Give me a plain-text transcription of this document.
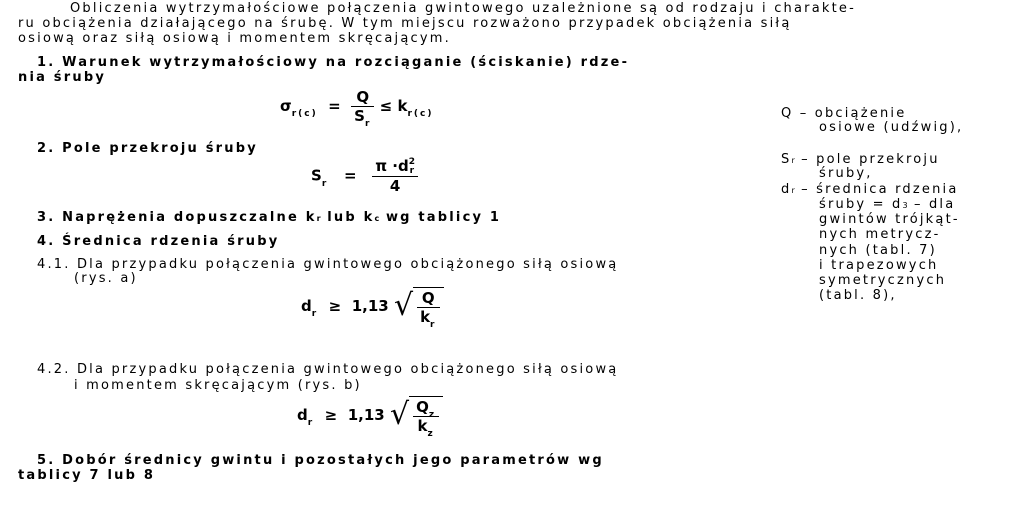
Obliczenia wytrzymałościowe połączenia gwintowego uzależnione są od rodzaju i charakte-
ru obciążenia działającego na śrubę. W tym miejscu rozważono przypadek obciążenia siłą
osiową oraz siłą osiową i momentem skręcającym.
1. Warunek wytrzymałościowy na rozciąganie (ściskanie) rdze-
nia śruby
$\sigma_{r(c)} = \frac{Q}{S_r} \le k_{r(c)}$
2. Pole przekroju śruby
$S_r = \pi \cdot d$ 2
r
4
3. Naprężenia dopuszczalne kr lub kc wg tablicy 1
4. Średnica rdzenia śruby
4.1. Dla przypadku połączenia gwintowego obciążonego siłą osiową
(rys. a)
$d_r \ge 1,13$ √ $\frac{Q}{k_r}$
4.2. Dla przypadku połączenia gwintowego obciążonego siłą osiową
i momentem skręcającym (rys. b)
$d_r \ge 1,13$ √ $\frac{Q_z}{k_z}$
5. Dobór średnicy gwintu i pozostałych jego parametrów wg
tablicy 7 lub 8
Q – obciążenie
osiowe (udźwig),
Sr – pole przekroju
śruby,
dr – średnica rdzenia
śruby = d3 – dla
gwintów trójkąt-
nych metrycz-
nych (tabl. 7)
i trapezowych
symetrycznych
(tabl. 8),
